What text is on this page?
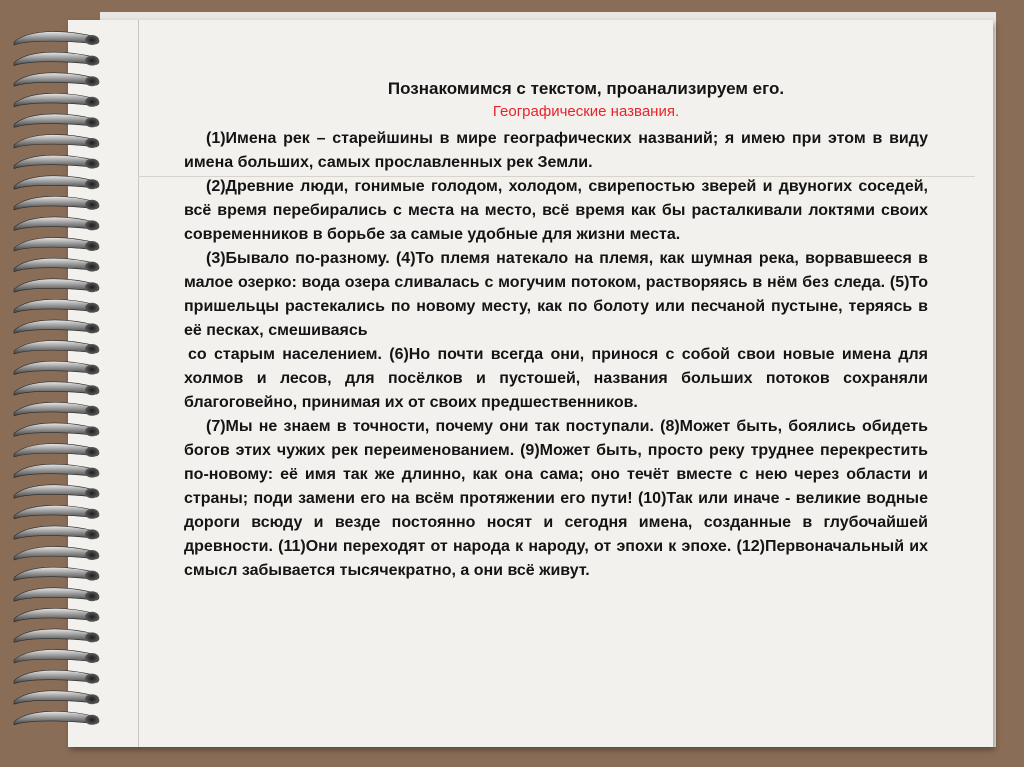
Познакомимся с текстом, проанализируем его.
Географические названия.

(1)Имена рек – старейшины в мире географических названий; я имею при этом в виду имена больших, самых прославленных рек Земли.

(2)Древние люди, гонимые голодом, холодом, свирепостью зверей и двуногих соседей, всё время перебирались с места на место, всё время как бы расталкивали локтями своих современников в борьбе за самые удобные для жизни места.

(3)Бывало по-разному. (4)То племя натекало на племя, как шумная река, ворвавшееся в малое озерко: вода озера сливалась с могучим потоком, растворяясь в нём без следа. (5)То пришельцы растекались по новому месту, как по болоту или песчаной пустыне, теряясь в её песках, смешиваясь

со старым населением. (6)Но почти всегда они, принося с собой свои новые имена для холмов и лесов, для посёлков и пустошей, названия больших потоков сохраняли благоговейно, принимая их от своих предшественников.

(7)Мы не знаем в точности, почему они так поступали. (8)Может быть, боялись обидеть богов этих чужих рек переименованием. (9)Может быть, просто реку труднее перекрестить по-новому: её имя так же длинно, как она сама; оно течёт вместе с нею через области и страны; поди замени его на всём протяжении его пути! (10)Так или иначе - великие водные дороги всюду и везде постоянно носят и сегодня имена, созданные в глубочайшей древности. (11)Они переходят от народа к народу, от эпохи к эпохе. (12)Первоначальный их смысл забывается тысячекратно, а они всё живут.
